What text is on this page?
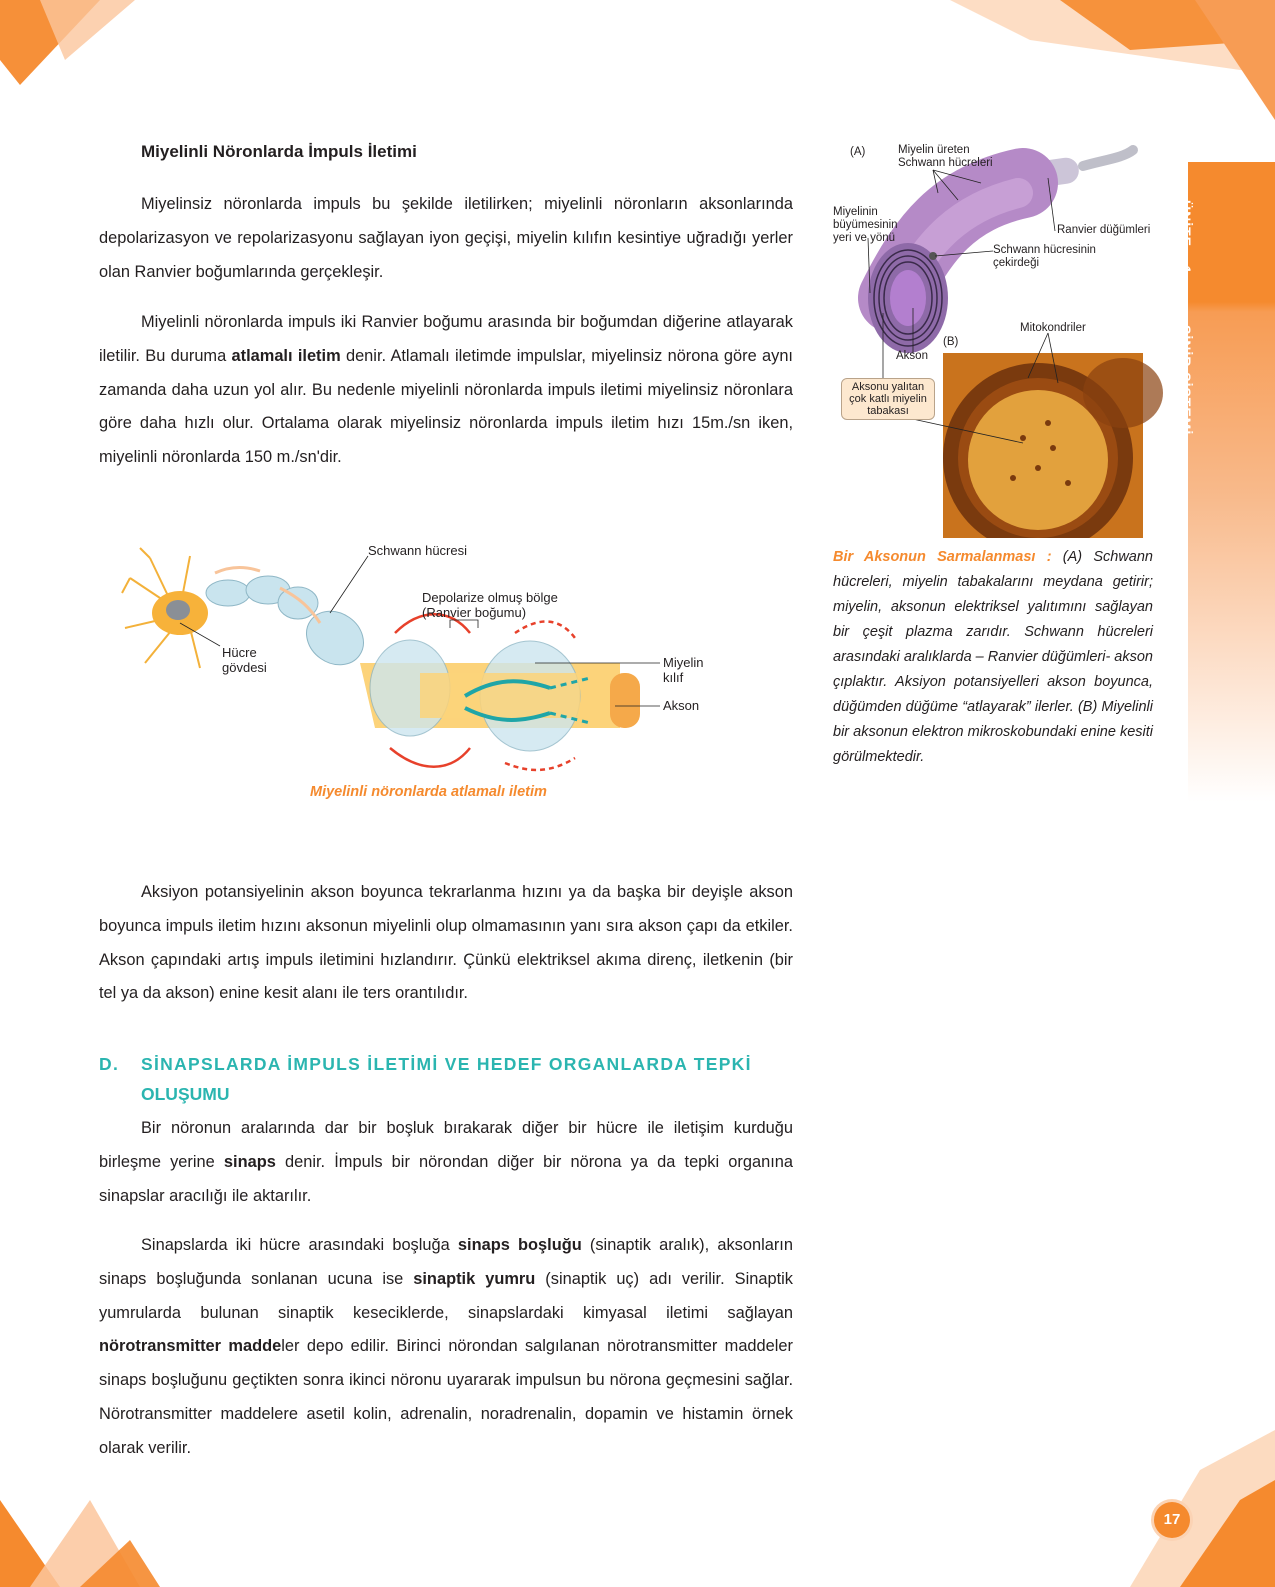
ÜNİTE – 1
SİNİR SİSTEMİ
Miyelinli Nöronlarda İmpuls İletimi
Miyelinsiz nöronlarda impuls bu şekilde iletilirken; miyelinli nöronların aksonlarında depolarizasyon ve repolarizasyonu sağlayan iyon geçişi, miyelin kılıfın kesintiye uğradığı yerler olan Ranvier boğumlarında gerçekleşir.
Miyelinli nöronlarda impuls iki Ranvier boğumu arasında bir boğumdan diğerine atlayarak iletilir. Bu duruma atlamalı iletim denir. Atlamalı iletimde impulslar, miyelinsiz nörona göre aynı zamanda daha uzun yol alır. Bu nedenle miyelinli nöronlarda impuls iletimi miyelinsiz nöronlara göre daha hızlı olur. Ortalama olarak miyelinsiz nöronlarda impuls iletim hızı 15m./sn iken, miyelinli nöronlarda 150 m./sn'dir.
(A)	Miyelin üreten Schwann hücreleri
Miyelinin büyümesinin yeri ve yönü
Ranvier düğümleri
Schwann hücresinin çekirdeği
(B)
Mitokondriler
Akson
Aksonu yalıtan çok katlı miyelin tabakası
Bir Aksonun Sarmalanması : (A) Schwann hücreleri, miyelin tabakalarını meydana getirir; miyelin, aksonun elektriksel yalıtımını sağlayan bir çeşit plazma zarıdır. Schwann hücreleri arasındaki aralıklarda – Ranvier düğümleri- akson çıplaktır. Aksiyon potansiyelleri akson boyunca, düğümden düğüme “atlayarak” ilerler. (B) Miyelinli bir aksonun elektron mikroskobundaki enine kesiti görülmektedir.
Schwann hücresi
Depolarize olmuş bölge (Ranvier boğumu)
Hücre gövdesi	Miyelin kılıf
Akson
Miyelinli nöronlarda atlamalı iletim
Aksiyon potansiyelinin akson boyunca tekrarlanma hızını ya da başka bir deyişle akson boyunca impuls iletim hızını aksonun miyelinli olup olmamasının yanı sıra akson çapı da etkiler. Akson çapındaki artış impuls iletimini hızlandırır. Çünkü elektriksel akıma direnç, iletkenin (bir tel ya da akson) enine kesit alanı ile ters orantılıdır.
D. SİNAPSLARDA İMPULS İLETİMİ VE HEDEF ORGANLARDA TEPKİ
OLUŞUMU
Bir nöronun aralarında dar bir boşluk bırakarak diğer bir hücre ile iletişim kurduğu birleşme yerine sinaps denir. İmpuls bir nörondan diğer bir nörona ya da tepki organına sinapslar aracılığı ile aktarılır.
Sinapslarda iki hücre arasındaki boşluğa sinaps boşluğu (sinaptik aralık), aksonların sinaps boşluğunda sonlanan ucuna ise sinaptik yumru (sinaptik uç) adı verilir. Sinaptik yumrularda bulunan sinaptik keseciklerde, sinapslardaki kimyasal iletimi sağlayan nörotransmitter maddeler depo edilir. Birinci nörondan salgılanan nörotransmitter maddeler sinaps boşluğunu geçtikten sonra ikinci nöronu uyararak impulsun bu nörona geçmesini sağlar. Nörotransmitter maddelere asetil kolin, adrenalin, noradrenalin, dopamin ve histamin örnek olarak verilir.
17
